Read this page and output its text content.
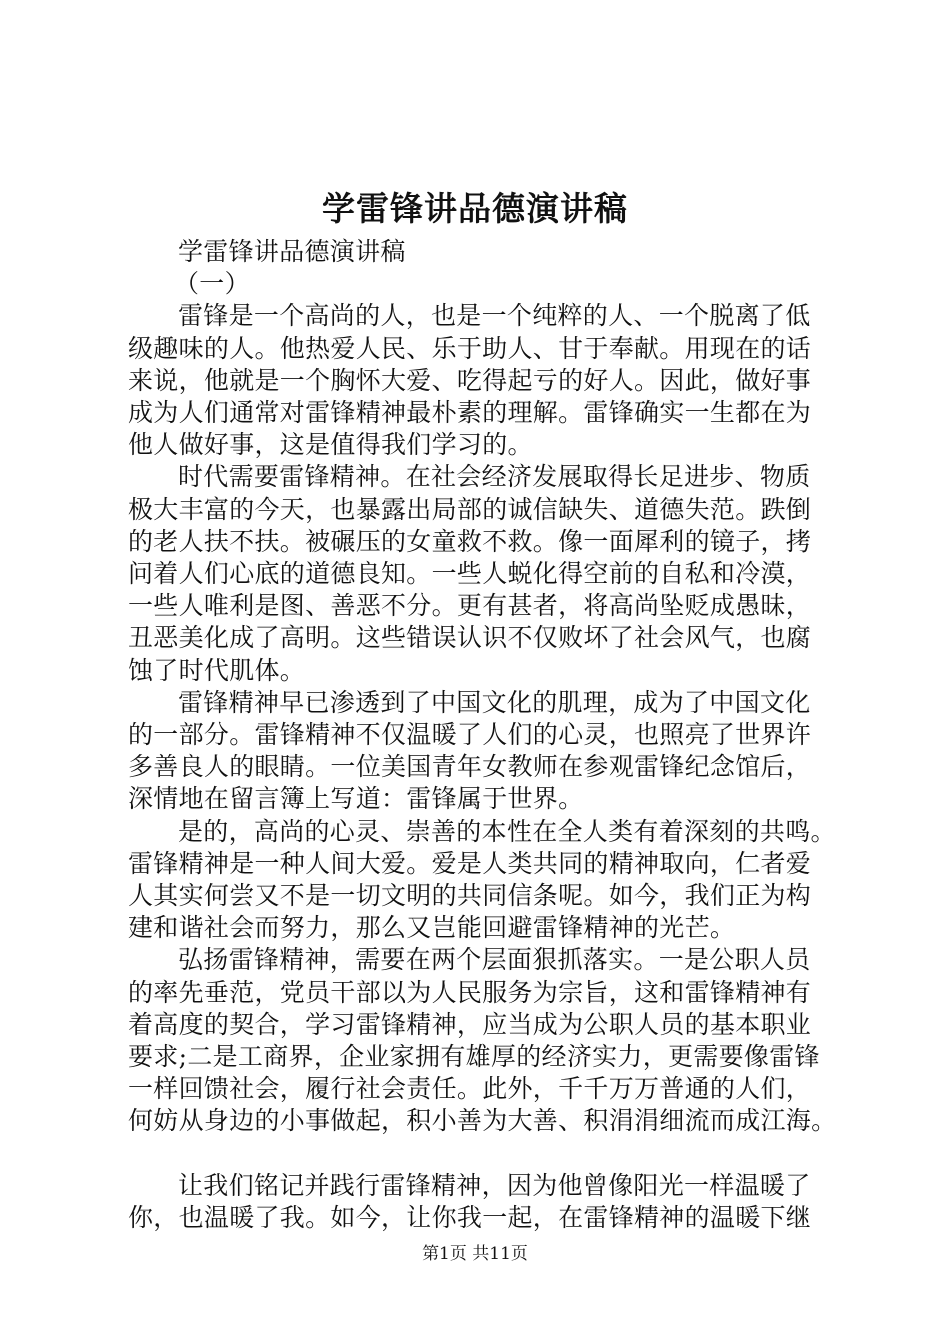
学雷锋讲品德演讲稿

学雷锋讲品德演讲稿

（一）

雷锋是一个高尚的人，也是一个纯粹的人、一个脱离了低

级趣味的人。他热爱人民、乐于助人、甘于奉献。用现在的话

来说，他就是一个胸怀大爱、吃得起亏的好人。因此，做好事

成为人们通常对雷锋精神最朴素的理解。雷锋确实一生都在为

他人做好事，这是值得我们学习的。

时代需要雷锋精神。在社会经济发展取得长足进步、物质

极大丰富的今天，也暴露出局部的诚信缺失、道德失范。跌倒

的老人扶不扶。被碾压的女童救不救。像一面犀利的镜子，拷

问着人们心底的道德良知。一些人蜕化得空前的自私和冷漠，

一些人唯利是图、善恶不分。更有甚者，将高尚坠贬成愚昧，

丑恶美化成了高明。这些错误认识不仅败坏了社会风气，也腐

蚀了时代肌体。

雷锋精神早已渗透到了中国文化的肌理，成为了中国文化

的一部分。雷锋精神不仅温暖了人们的心灵，也照亮了世界许

多善良人的眼睛。一位美国青年女教师在参观雷锋纪念馆后，

深情地在留言簿上写道：雷锋属于世界。

是的，高尚的心灵、崇善的本性在全人类有着深刻的共鸣。

雷锋精神是一种人间大爱。爱是人类共同的精神取向，仁者爱

人其实何尝又不是一切文明的共同信条呢。如今，我们正为构

建和谐社会而努力，那么又岂能回避雷锋精神的光芒。

弘扬雷锋精神，需要在两个层面狠抓落实。一是公职人员

的率先垂范，党员干部以为人民服务为宗旨，这和雷锋精神有

着高度的契合，学习雷锋精神，应当成为公职人员的基本职业

要求;二是工商界，企业家拥有雄厚的经济实力，更需要像雷锋

一样回馈社会，履行社会责任。此外，千千万万普通的人们，

何妨从身边的小事做起，积小善为大善、积涓涓细流而成江海。

让我们铭记并践行雷锋精神，因为他曾像阳光一样温暖了

你，也温暖了我。如今，让你我一起，在雷锋精神的温暖下继

第1页 共11页
